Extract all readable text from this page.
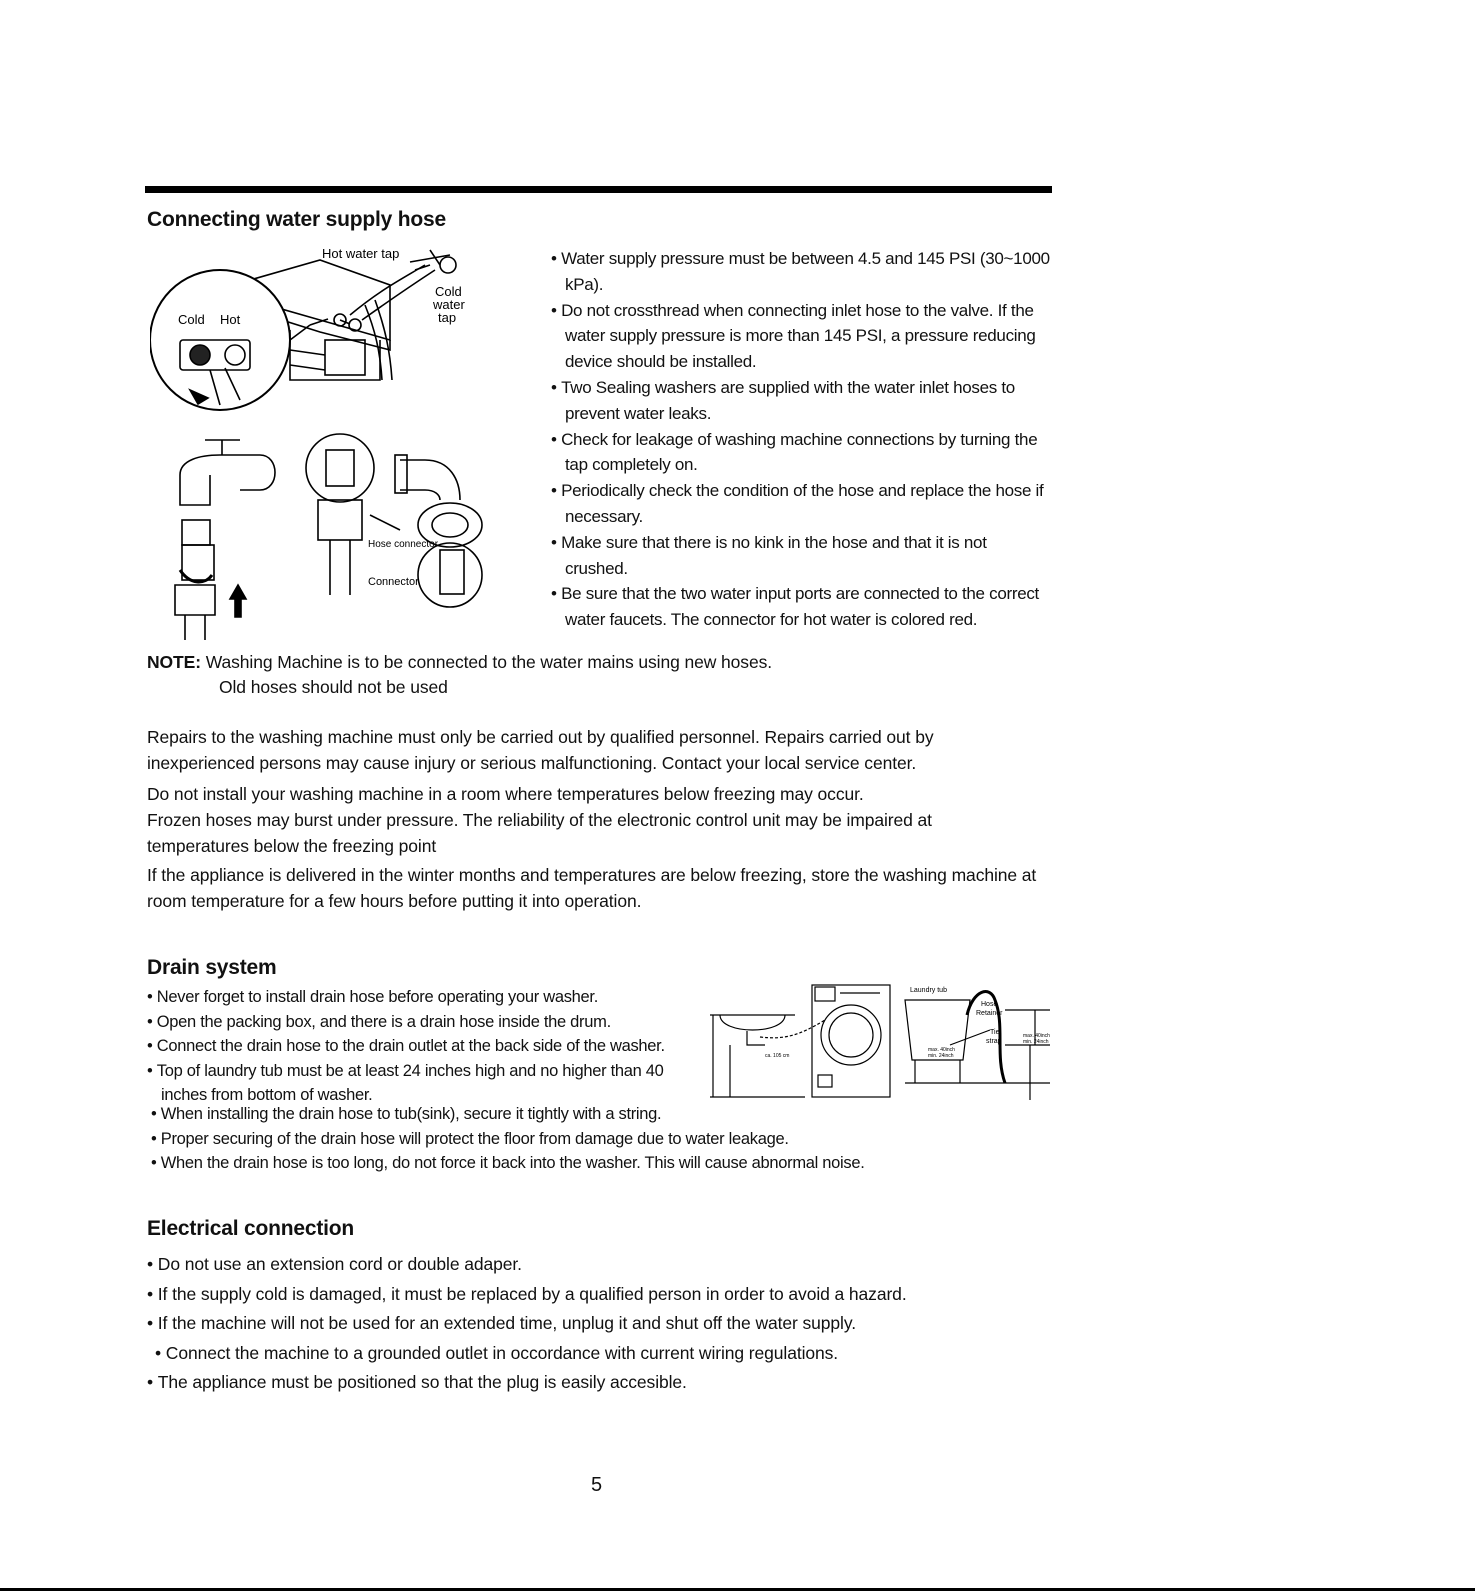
Connecting water supply hose
Hot water tap
Cold
water
tap
Cold Hot
Hose connector
Connector
• Water supply pressure must be between 4.5 and 145 PSI (30~1000 kPa).
• Do not crossthread when connecting inlet hose to the valve. If the water supply pressure is more than 145 PSI, a pressure reducing device should be installed.
• Two Sealing washers are supplied with the water inlet hoses to prevent water leaks.
• Check for leakage of washing machine connections by turning the tap completely on.
• Periodically check the condition of the hose and replace the hose if necessary.
• Make sure that there is no kink in the hose and that it is not crushed.
• Be sure that the two water input ports are connected to the correct water faucets. The connector for hot water is colored red.
NOTE: Washing Machine is to be connected to the water mains using new hoses.
Old hoses should not be used

Repairs to the washing machine must only be carried out by qualified personnel. Repairs carried out by inexperienced persons may cause injury or serious malfunctioning. Contact your local service center.

Do not install your washing machine in a room where temperatures below freezing may occur.

Frozen hoses may burst under pressure. The reliability of the electronic control unit may be impaired at temperatures below the freezing point

If the appliance is delivered in the winter months and temperatures are below freezing, store the washing machine at room temperature for a few hours before putting it into operation.

Drain system
• Never forget to install drain hose before operating your washer.
• Open the packing box, and there is a drain hose inside the drum.
• Connect the drain hose to the drain outlet at the back side of the washer.
• Top of laundry tub must be at least 24 inches high and no higher than 40 inches from bottom of washer.
• When installing the drain hose to tub(sink), secure it tightly with a string.
• Proper securing of the drain hose will protect the floor from damage due to water leakage.
• When the drain hose is too long, do not force it back into the washer. This will cause abnormal noise.
Laundry tub
Hose
Retainer
Tie
strap
max. 40inch
min. 24inch
max. 40inch
min. 24inch
ca. 105 cm
Electrical connection
• Do not use an extension cord or double adaper.
• If the supply cold is damaged, it must be replaced by a qualified person in order to avoid a hazard.
• If the machine will not be used for an extended time, unplug it and shut off the water supply.
• Connect the machine to a grounded outlet in occordance with current wiring regulations.
• The appliance must be positioned so that the plug is easily accesible.
5
